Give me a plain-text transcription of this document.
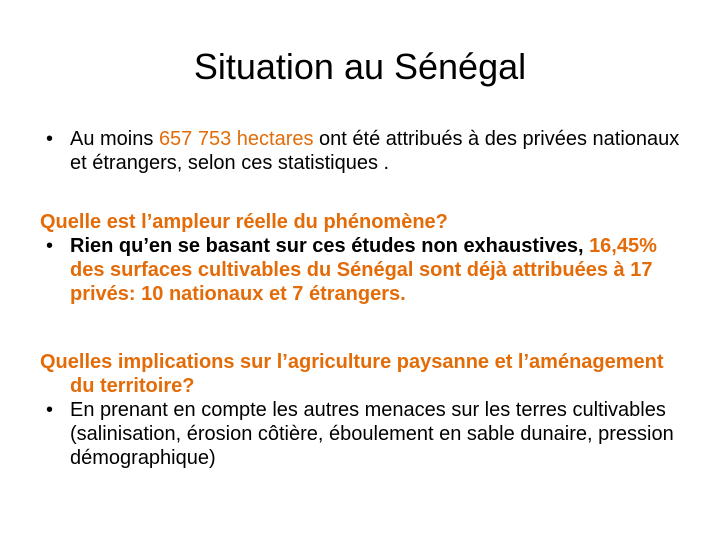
Situation au Sénégal
• Au moins 657 753 hectares ont été attribués à des privées nationaux et étrangers, selon ces statistiques .
Quelle est l’ampleur réelle du phénomène?
• Rien qu’en se basant sur ces études non exhaustives, 16,45% des surfaces cultivables du Sénégal sont déjà attribuées à 17 privés: 10 nationaux et 7 étrangers.
Quelles implications sur l’agriculture paysanne et l’aménagement du territoire?
• En prenant en compte les autres menaces sur les terres cultivables (salinisation, érosion côtière, éboulement en sable dunaire, pression démographique)
